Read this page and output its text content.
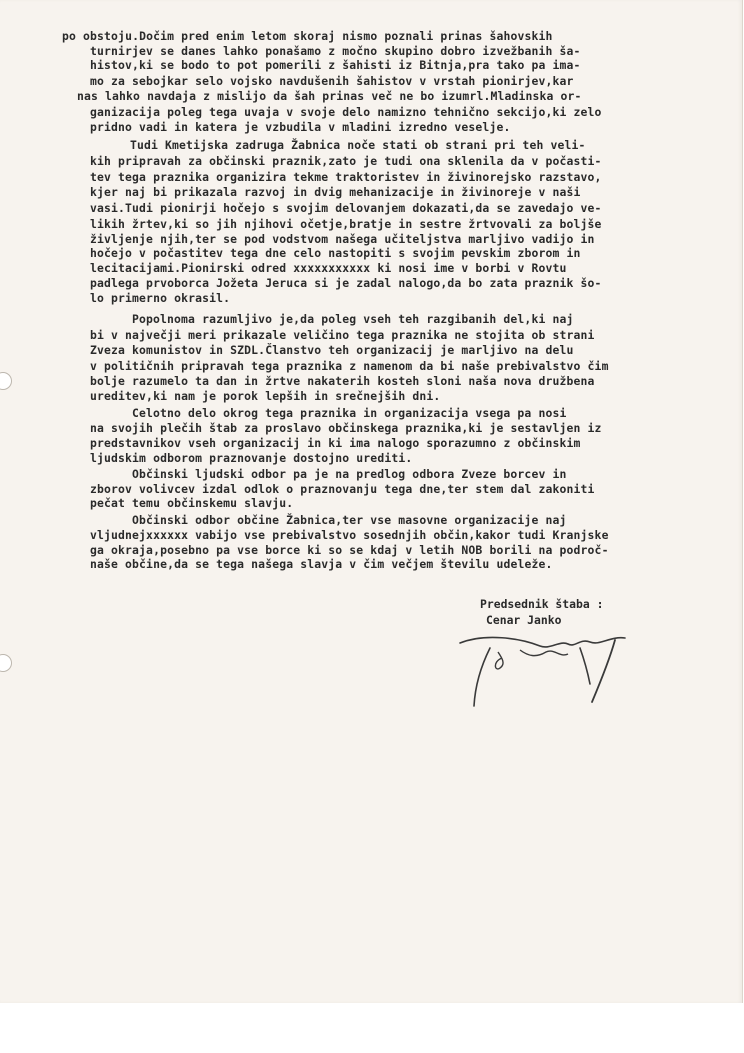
po obstoju.Dočim pred enim letom skoraj nismo poznali prinas šahovskih
turnirjev se danes lahko ponašamo z močno skupino dobro izvežbanih ša-
histov,ki se bodo to pot pomerili z šahisti iz Bitnja,pra tako pa ima-
mo za sebojkar selo vojsko navdušenih šahistov v vrstah pionirjev,kar
nas lahko navdaja z mislijo da šah prinas več ne bo izumrl.Mladinska or-
ganizacija poleg tega uvaja v svoje delo namizno tehnično sekcijo,ki zelo
pridno vadi in katera je vzbudila v mladini izredno veselje.
Tudi Kmetijska zadruga Žabnica noče stati ob strani pri teh veli-
kih pripravah za občinski praznik,zato je tudi ona sklenila da v počasti-
tev tega praznika organizira tekme traktoristev in živinorejsko razstavo,
kjer naj bi prikazala razvoj in dvig mehanizacije in živinoreje v naši
vasi.Tudi pionirji hočejo s svojim delovanjem dokazati,da se zavedajo ve-
likih žrtev,ki so jih njihovi očetje,bratje in sestre žrtvovali za boljše
življenje njih,ter se pod vodstvom našega učiteljstva marljivo vadijo in
hočejo v počastitev tega dne celo nastopiti s svojim pevskim zborom in
lecitacijami.Pionirski odred xxxxxxxxxxx ki nosi ime v borbi v Rovtu
padlega prvoborca Jožeta Jeruca si je zadal nalogo,da bo zata praznik šo-
lo primerno okrasil.
Popolnoma razumljivo je,da poleg vseh teh razgibanih del,ki naj
bi v največji meri prikazale veličino tega praznika ne stojita ob strani
Zveza komunistov in SZDL.Članstvo teh organizacij je marljivo na delu
v političnih pripravah tega praznika z namenom da bi naše prebivalstvo čim
bolje razumelo ta dan in žrtve nakaterih kosteh sloni naša nova družbena
ureditev,ki nam je porok lepših in srečnejših dni.
Celotno delo okrog tega praznika in organizacija vsega pa nosi
na svojih plečih štab za proslavo občinskega praznika,ki je sestavljen iz
predstavnikov vseh organizacij in ki ima nalogo sporazumno z občinskim
ljudskim odborom praznovanje dostojno urediti.
Občinski ljudski odbor pa je na predlog odbora Zveze borcev in
zborov volivcev izdal odlok o praznovanju tega dne,ter stem dal zakoniti
pečat temu občinskemu slavju.
Občinski odbor občine Žabnica,ter vse masovne organizacije naj
vljudnejxxxxxx vabijo vse prebivalstvo sosednjih občin,kakor tudi Kranjske
ga okraja,posebno pa vse borce ki so se kdaj v letih NOB borili na področ-
naše občine,da se tega našega slavja v čim večjem številu udeleže.
Predsednik štaba :
Cenar Janko
